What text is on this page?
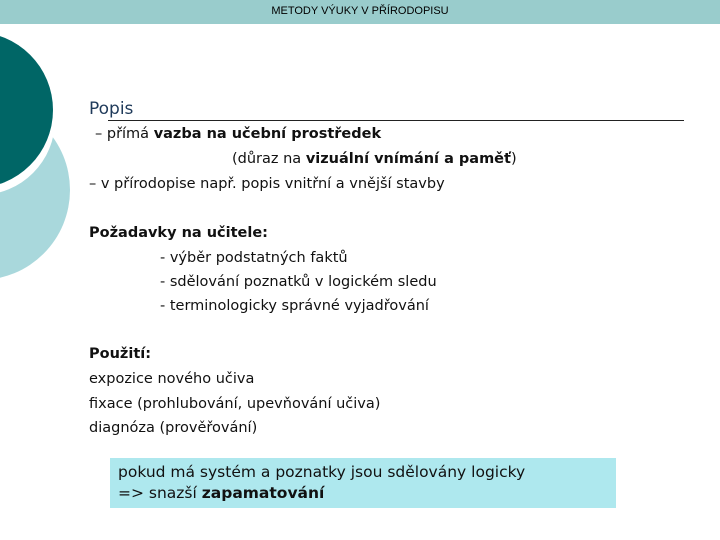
METODY VÝUKY V PŘÍRODOPISU
Popis
– přímá vazba na učební prostředek
(důraz na vizuální vnímání a paměť)
– v přírodopise např. popis vnitřní a vnější stavby
Požadavky na učitele:
- výběr podstatných faktů
- sdělování poznatků v logickém sledu
- terminologicky správné vyjadřování
Použití:
expozice nového učiva
fixace (prohlubování, upevňování učiva)
diagnóza (prověřování)
pokud má systém a poznatky jsou sdělovány logicky
=> snazší zapamatování
